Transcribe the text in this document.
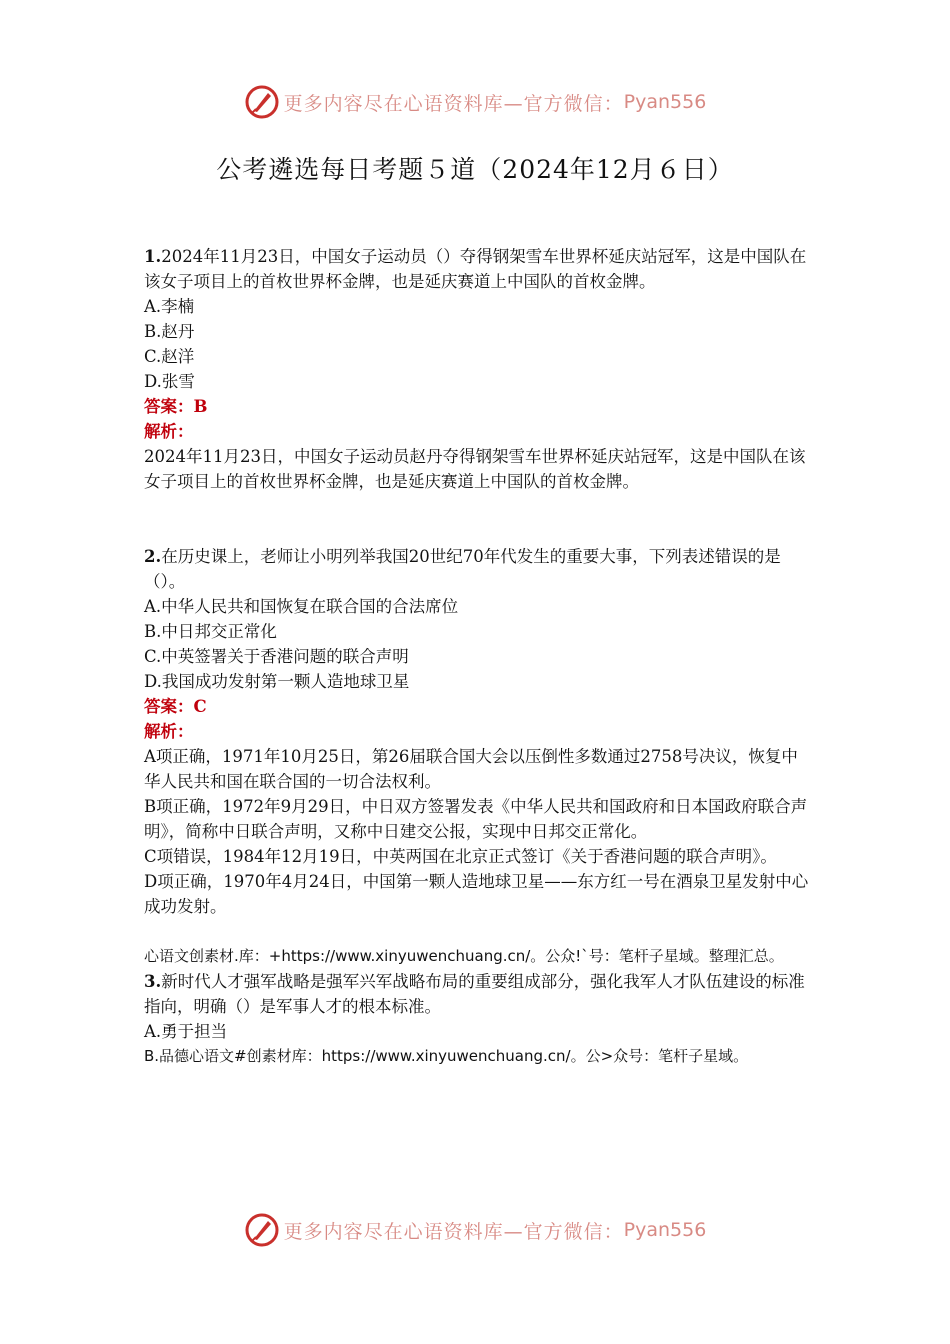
更多内容尽在心语资料库—官方微信： Pyan556
公考遴选每日考题５道（2024年12月６日）

1.2024年11月23日，中国女子运动员（）夺得钢架雪车世界杯延庆站冠军，这是中国队在该女子项目上的首枚世界杯金牌，也是延庆赛道上中国队的首枚金牌。

A.李楠

B.赵丹

C.赵洋

D.张雪

答案：B

解析：

2024年11月23日，中国女子运动员赵丹夺得钢架雪车世界杯延庆站冠军，这是中国队在该女子项目上的首枚世界杯金牌，也是延庆赛道上中国队的首枚金牌。

2.在历史课上，老师让小明列举我国20世纪70年代发生的重要大事，下列表述错误的是（）。

A.中华人民共和国恢复在联合国的合法席位

B.中日邦交正常化

C.中英签署关于香港问题的联合声明

D.我国成功发射第一颗人造地球卫星

答案：C

解析：

A项正确，1971年10月25日，第26届联合国大会以压倒性多数通过2758号决议，恢复中华人民共和国在联合国的一切合法权利。

B项正确，1972年9月29日，中日双方签署发表《中华人民共和国政府和日本国政府联合声明》，简称中日联合声明，又称中日建交公报，实现中日邦交正常化。

C项错误，1984年12月19日，中英两国在北京正式签订《关于香港问题的联合声明》。

D项正确，1970年4月24日，中国第一颗人造地球卫星——东方红一号在酒泉卫星发射中心成功发射。

心语文创素材.库：+https://www.xinyuwenchuang.cn/。公众!`号：笔杆子星域。整理汇总。

3.新时代人才强军战略是强军兴军战略布局的重要组成部分，强化我军人才队伍建设的标准指向，明确（）是军事人才的根本标准。

A.勇于担当

B.品德心语文#创素材库：https://www.xinyuwenchuang.cn/。公>众号：笔杆子星域。

更多内容尽在心语资料库—官方微信： Pyan556
